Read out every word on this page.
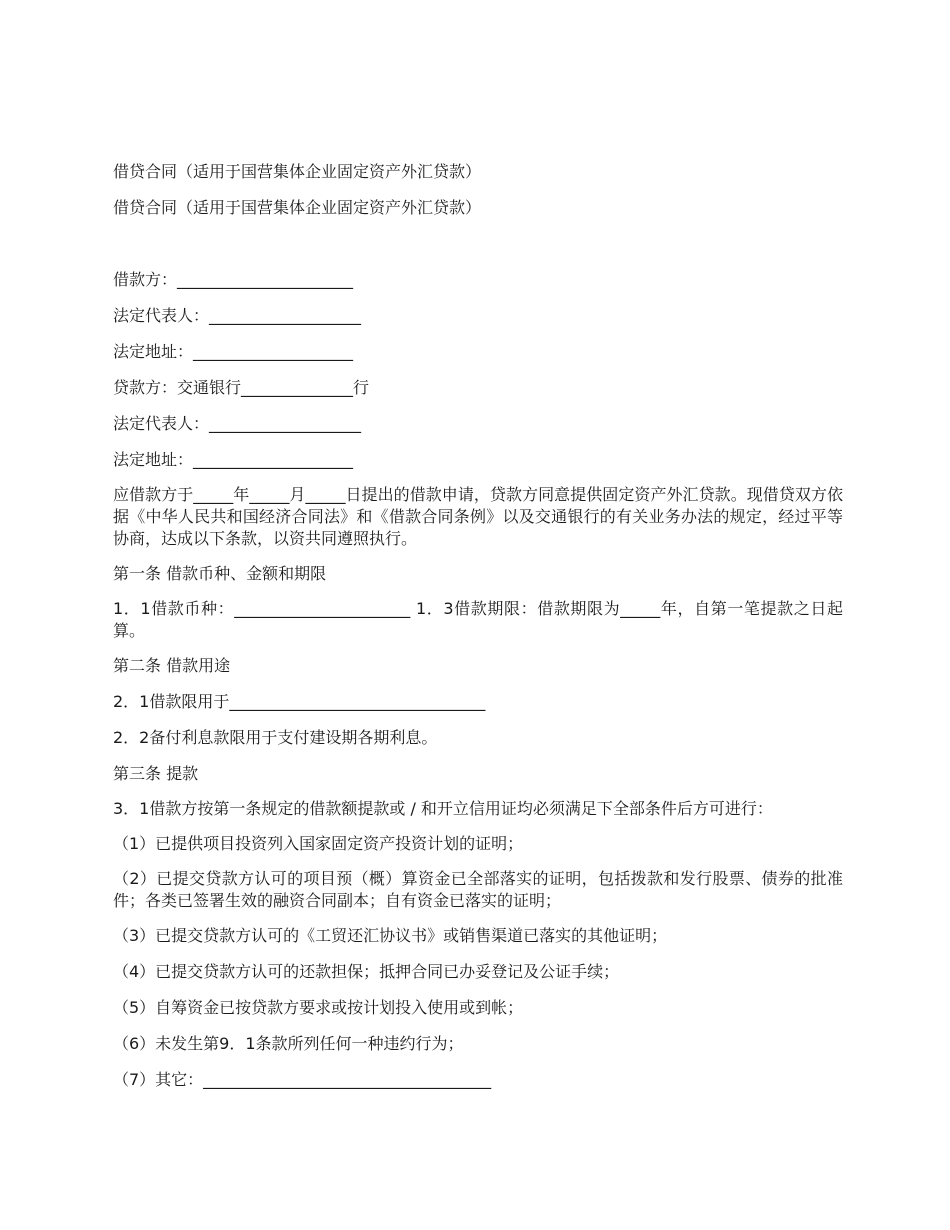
借贷合同（适用于国营集体企业固定资产外汇贷款）
借贷合同（适用于国营集体企业固定资产外汇贷款）
借款方：______________________
法定代表人：___________________
法定地址：____________________
贷款方：交通银行______________行
法定代表人：___________________
法定地址：____________________
应借款方于_____年_____月_____日提出的借款申请，贷款方同意提供固定资产外汇贷款。现借贷双方依据《中华人民共和国经济合同法》和《借款合同条例》以及交通银行的有关业务办法的规定，经过平等协商，达成以下条款，以资共同遵照执行。
第一条 借款币种、金额和期限
1．1借款币种：______________________ 1．3借款期限：借款期限为_____年，自第一笔提款之日起算。
第二条 借款用途
2．1借款限用于________________________________
2．2备付利息款限用于支付建设期各期利息。
第三条 提款
3．1借款方按第一条规定的借款额提款或 / 和开立信用证均必须满足下全部条件后方可进行：
（1）已提供项目投资列入国家固定资产投资计划的证明；
（2）已提交贷款方认可的项目预（概）算资金已全部落实的证明，包括拨款和发行股票、债券的批准件；各类已签署生效的融资合同副本；自有资金已落实的证明；
（3）已提交贷款方认可的《工贸还汇协议书》或销售渠道已落实的其他证明；
（4）已提交贷款方认可的还款担保；抵押合同已办妥登记及公证手续；
（5）自筹资金已按贷款方要求或按计划投入使用或到帐；
（6）未发生第9．1条款所列任何一种违约行为；
（7）其它：____________________________________
